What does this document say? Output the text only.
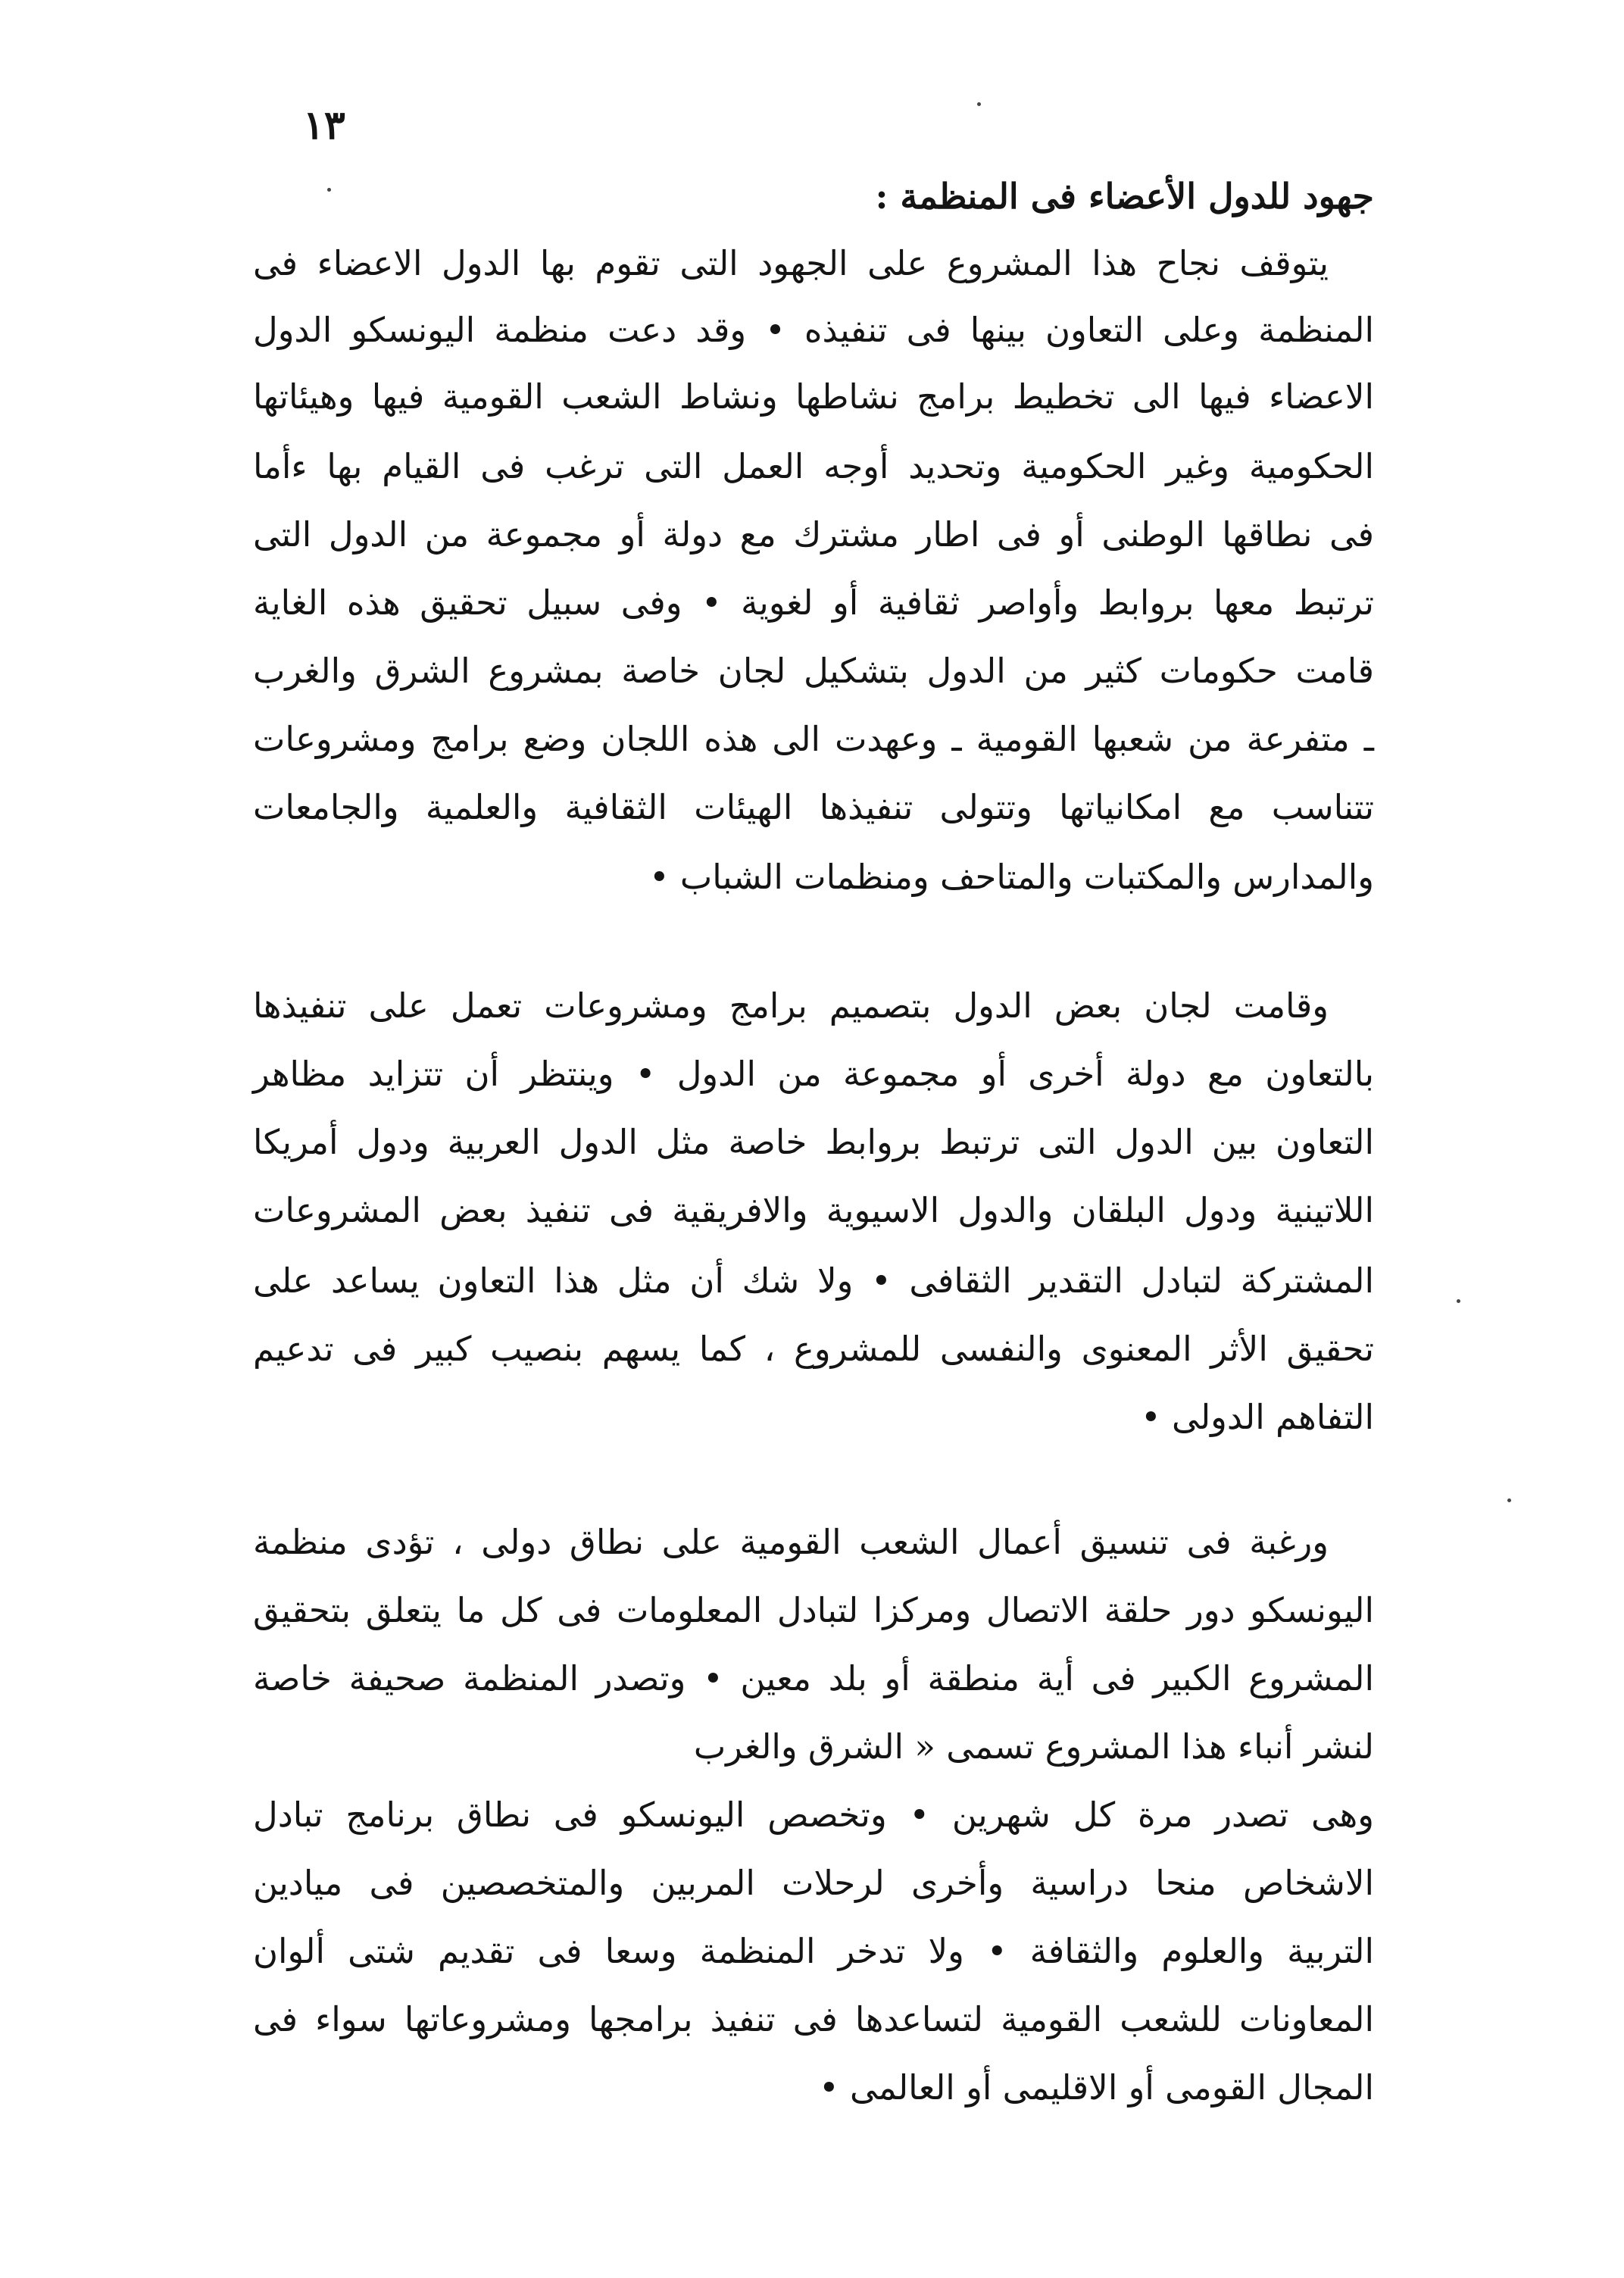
١٣
جهود للدول الأعضاء فى المنظمة :
يتوقف نجاح هذا المشروع على الجهود التى تقوم بها الدول الاعضاء فى
المنظمة وعلى التعاون بينها فى تنفيذه • وقد دعت منظمة اليونسكو الدول
الاعضاء فيها الى تخطيط برامج نشاطها ونشاط الشعب القومية فيها وهيئاتها
الحكومية وغير الحكومية وتحديد أوجه العمل التى ترغب فى القيام بها ءأما
فى نطاقها الوطنى أو فى اطار مشترك مع دولة أو مجموعة من الدول التى
ترتبط معها بروابط وأواصر ثقافية أو لغوية • وفى سبيل تحقيق هذه الغاية
قامت حكومات كثير من الدول بتشكيل لجان خاصة بمشروع الشرق والغرب
ـ متفرعة من شعبها القومية ـ وعهدت الى هذه اللجان وضع برامج ومشروعات
تتناسب مع امكانياتها وتتولى تنفيذها الهيئات الثقافية والعلمية والجامعات
والمدارس والمكتبات والمتاحف ومنظمات الشباب •
وقامت لجان بعض الدول بتصميم برامج ومشروعات تعمل على تنفيذها
بالتعاون مع دولة أخرى أو مجموعة من الدول • وينتظر أن تتزايد مظاهر
التعاون بين الدول التى ترتبط بروابط خاصة مثل الدول العربية ودول أمريكا
اللاتينية ودول البلقان والدول الاسيوية والافريقية فى تنفيذ بعض المشروعات
المشتركة لتبادل التقدير الثقافى • ولا شك أن مثل هذا التعاون يساعد على
تحقيق الأثر المعنوى والنفسى للمشروع ، كما يسهم بنصيب كبير فى تدعيم
التفاهم الدولى •
ورغبة فى تنسيق أعمال الشعب القومية على نطاق دولى ، تؤدى منظمة
اليونسكو دور حلقة الاتصال ومركزا لتبادل المعلومات فى كل ما يتعلق بتحقيق
المشروع الكبير فى أية منطقة أو بلد معين • وتصدر المنظمة صحيفة خاصة
لنشر أنباء هذا المشروع تسمى « الشرق والغرب
وهى تصدر مرة كل شهرين • وتخصص اليونسكو فى نطاق برنامج تبادل
الاشخاص منحا دراسية وأخرى لرحلات المربين والمتخصصين فى ميادين
التربية والعلوم والثقافة • ولا تدخر المنظمة وسعا فى تقديم شتى ألوان
المعاونات للشعب القومية لتساعدها فى تنفيذ برامجها ومشروعاتها سواء فى
المجال القومى أو الاقليمى أو العالمى •
